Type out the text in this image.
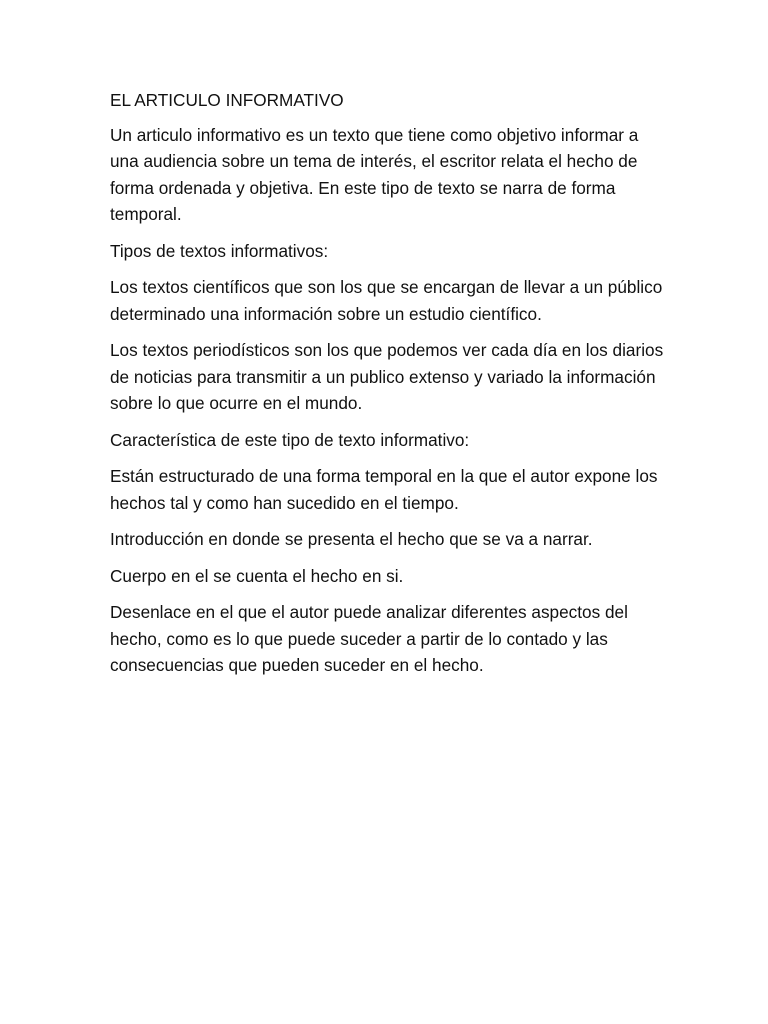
EL ARTICULO INFORMATIVO

Un articulo informativo es un texto que tiene como objetivo informar a una audiencia sobre un tema de interés, el escritor relata el hecho de forma ordenada y objetiva. En este tipo de texto se narra de forma temporal.

Tipos de textos informativos:

Los textos científicos que son los que se encargan de llevar a un público determinado una información sobre un estudio científico.

Los textos periodísticos son los que podemos ver cada día en los diarios de noticias para transmitir a un publico extenso y variado la información sobre lo que ocurre en el mundo.

Característica de este tipo de texto informativo:

Están estructurado de una forma temporal en la que el autor expone los hechos tal y como han sucedido en el tiempo.

Introducción en donde se presenta el hecho que se va a narrar.

Cuerpo en el se cuenta el hecho en si.

Desenlace en el que el autor puede analizar diferentes aspectos del hecho, como es lo que puede suceder a partir de lo contado y las consecuencias que pueden suceder en el hecho.
